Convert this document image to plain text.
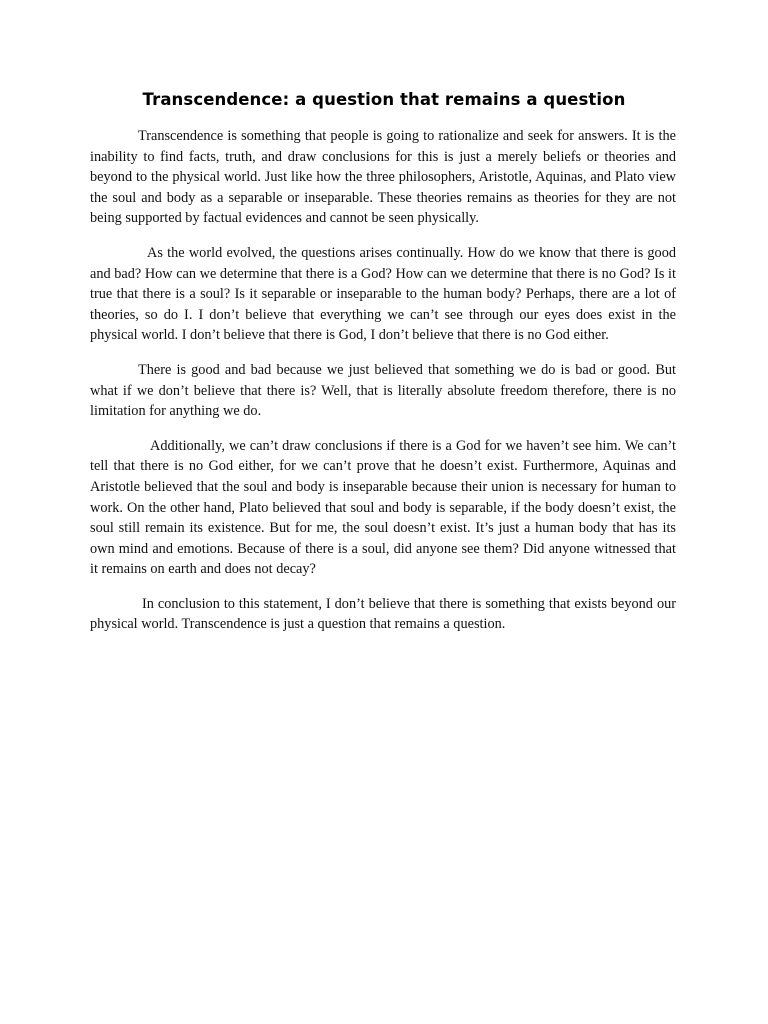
Transcendence: a question that remains a question

Transcendence is something that people is going to rationalize and seek for answers. It is the inability to find facts, truth, and draw conclusions for this is just a merely beliefs or theories and beyond to the physical world. Just like how the three philosophers, Aristotle, Aquinas, and Plato view the soul and body as a separable or inseparable. These theories remains as theories for they are not being supported by factual evidences and cannot be seen physically.

As the world evolved, the questions arises continually. How do we know that there is good and bad? How can we determine that there is a God? How can we determine that there is no God? Is it true that there is a soul? Is it separable or inseparable to the human body? Perhaps, there are a lot of theories, so do I. I don’t believe that everything we can’t see through our eyes does exist in the physical world. I don’t believe that there is God, I don’t believe that there is no God either.

There is good and bad because we just believed that something we do is bad or good. But what if we don’t believe that there is? Well, that is literally absolute freedom therefore, there is no limitation for anything we do.

Additionally, we can’t draw conclusions if there is a God for we haven’t see him. We can’t tell that there is no God either, for we can’t prove that he doesn’t exist. Furthermore, Aquinas and Aristotle believed that the soul and body is inseparable because their union is necessary for human to work. On the other hand, Plato believed that soul and body is separable, if the body doesn’t exist, the soul still remain its existence. But for me, the soul doesn’t exist. It’s just a human body that has its own mind and emotions. Because of there is a soul, did anyone see them? Did anyone witnessed that it remains on earth and does not decay?

In conclusion to this statement, I don’t believe that there is something that exists beyond our physical world. Transcendence is just a question that remains a question.
